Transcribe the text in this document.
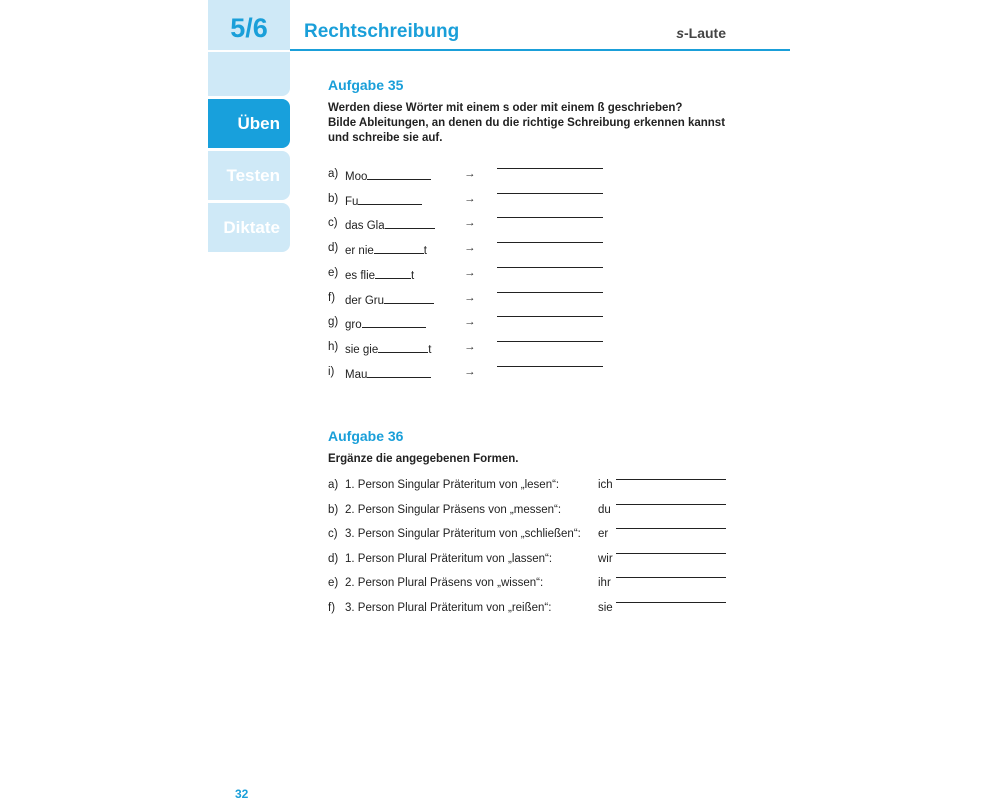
5/6
Üben
Testen
Diktate
Rechtschreibung	s-Laute
Aufgabe 35
Werden diese Wörter mit einem s oder mit einem ß geschrieben?
Bilde Ableitungen, an denen du die richtige Schreibung erkennen kannst
und schreibe sie auf.
a) Moo	→
b) Fu	→
c) das Gla	→
d) er nie	t	→
e) es flie	t	→
f) der Gru	→
g) gro	→
h) sie gie	t	→
i) Mau	→
Aufgabe 36
Ergänze die angegebenen Formen.
a) 1. Person Singular Präteritum von „lesen“:	ich
b) 2. Person Singular Präsens von „messen“:	du
c) 3. Person Singular Präteritum von „schließen“: er
d) 1. Person Plural Präteritum von „lassen“:	wir
e) 2. Person Plural Präsens von „wissen“:	ihr
f) 3. Person Plural Präteritum von „reißen“:	sie
32
